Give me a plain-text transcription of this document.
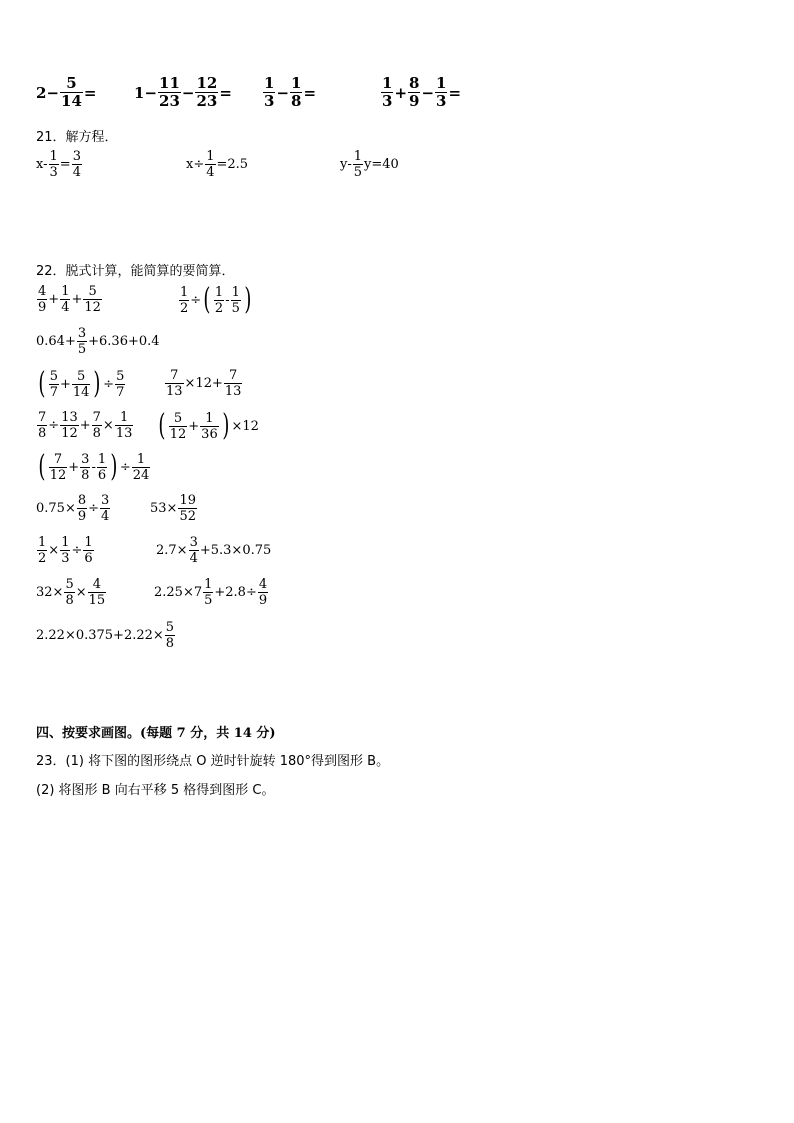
$2 - \frac{5}{14}$ =	$1 - \frac{11}{23} - \frac{12}{23} = \frac{1}{3} - \frac{1}{8}$ =	$\frac{1}{3} + \frac{8}{9} - \frac{1}{3}$ =
21．解方程．
$x- \frac{1}{3} = \frac{3}{4}$	$x\div \frac{1}{4} =2.5$	$y- \frac{1}{5} y=40$
22．脱式计算，能简算的要简算．
$\frac{4}{9} + \frac{1}{4} + \frac{5}{12}$	$\frac{1}{2}$ ÷ ( $\frac{1}{2} - \frac{1}{5}$ )
$0.64+ \frac{3}{5} +6.36+0.4$
( $\frac{5}{7} + \frac{5}{14}$ ) ÷ $\frac{5}{7}$	$\frac{7}{13} \times 12+ \frac{7}{13}$
$\frac{7}{8} \div \frac{13}{12} + \frac{7}{8} \times \frac{1}{13}$ ( $\frac{5}{12} + \frac{1}{36}$ ) ×12
( $\frac{7}{12} + \frac{3}{8} - \frac{1}{6}$ ) ÷ $\frac{1}{24}$
$0.75\times \frac{8}{9} \div \frac{3}{4}$	$53\times \frac{19}{52}$
$\frac{1}{2} \times \frac{1}{3} \div \frac{1}{6}$	$2.7\times \frac{3}{4} +5.3\times 0.75$
$32\times \frac{5}{8} \times \frac{4}{15}$	$2.25\times 7 \frac{1}{5} +2.8\div \frac{4}{9}$
$2.22\times 0.375+2.22\times \frac{5}{8}$
四、按要求画图。(每题 7 分，共 14 分)
23．(1) 将下图的图形绕点 O 逆时针旋转 180°得到图形 B。
(2) 将图形 B 向右平移 5 格得到图形 C。
